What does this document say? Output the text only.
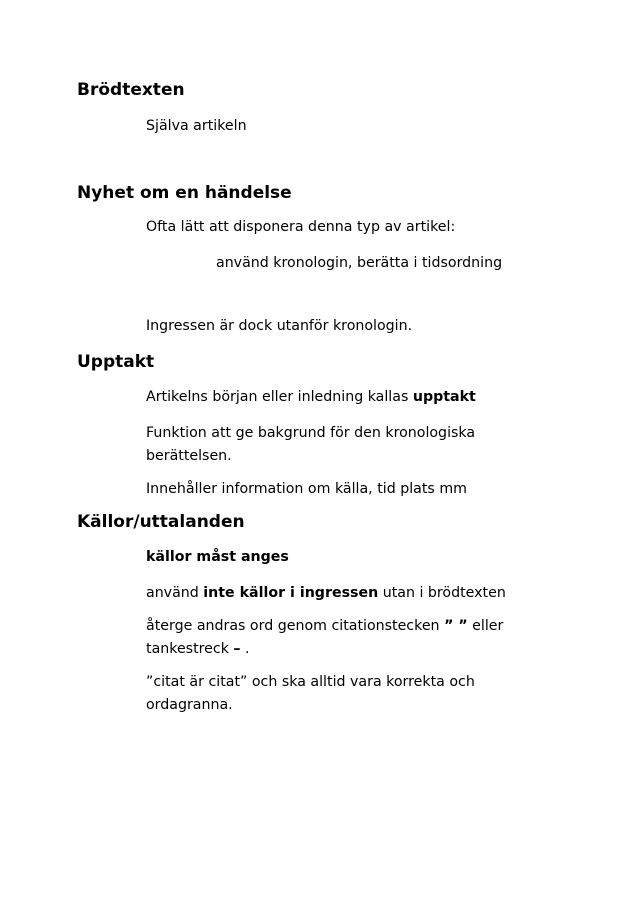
Brödtexten

Själva artikeln

Nyhet om en händelse

Ofta lätt att disponera denna typ av artikel:

använd kronologin, berätta i tidsordning

Ingressen är dock utanför kronologin.

Upptakt

Artikelns början eller inledning kallas upptakt

Funktion att ge bakgrund för den kronologiska

berättelsen.

Innehåller information om källa, tid plats mm

Källor/uttalanden

källor måst anges

använd inte källor i ingressen utan i brödtexten

återge andras ord genom citationstecken ” ” eller

tankestreck – .

”citat är citat” och ska alltid vara korrekta och

ordagranna.
